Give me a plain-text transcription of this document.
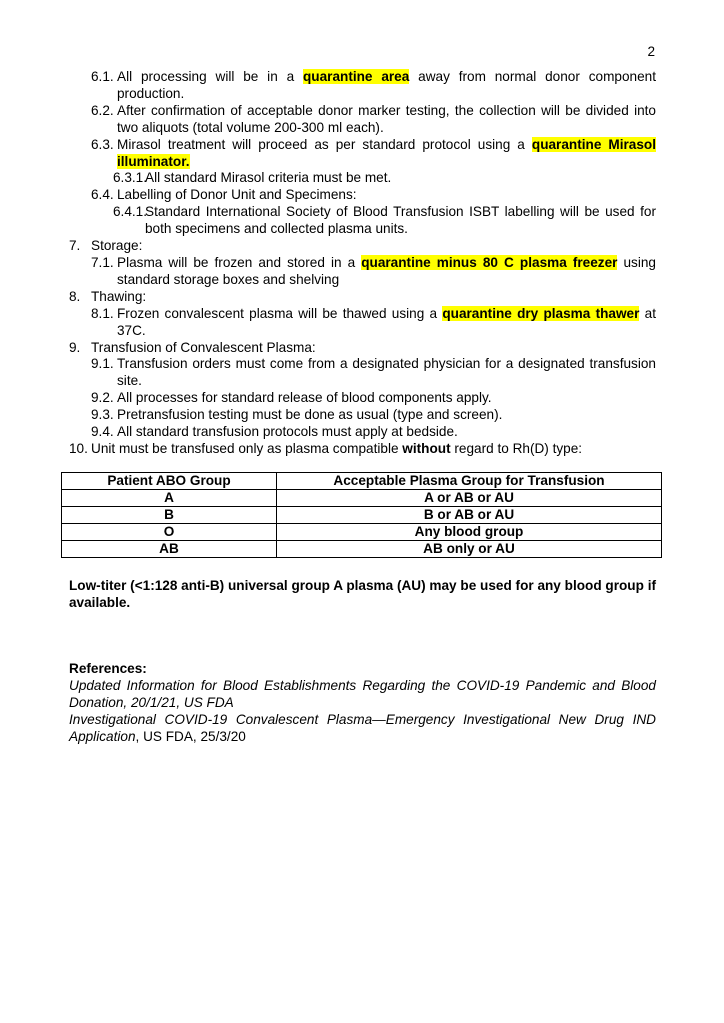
2
6.1. All processing will be in a quarantine area away from normal donor component production.
6.2. After confirmation of acceptable donor marker testing, the collection will be divided into two aliquots (total volume 200-300 ml each).
6.3. Mirasol treatment will proceed as per standard protocol using a quarantine Mirasol illuminator.
6.3.1.
All standard Mirasol criteria must be met.
6.4. Labelling of Donor Unit and Specimens:
6.4.1.
Standard International Society of Blood Transfusion ISBT labelling will be used for both specimens and collected plasma units.
7. Storage:
7.1. Plasma will be frozen and stored in a quarantine minus 80 C plasma freezer using standard storage boxes and shelving
8. Thawing:
8.1. Frozen convalescent plasma will be thawed using a quarantine dry plasma thawer at 37C.
9. Transfusion of Convalescent Plasma:
9.1. Transfusion orders must come from a designated physician for a designated transfusion site.
9.2. All processes for standard release of blood components apply.
9.3. Pretransfusion testing must be done as usual (type and screen).
9.4. All standard transfusion protocols must apply at bedside.
10. Unit must be transfused only as plasma compatible without regard to Rh(D) type:
Patient ABO Group	Acceptable Plasma Group for Transfusion
A	A or AB or AU
B	B or AB or AU
O	Any blood group
AB	AB only or AU
Low-titer (<1:128 anti-B) universal group A plasma (AU) may be used for any blood group if available.
References:
Updated Information for Blood Establishments Regarding the COVID-19 Pandemic and Blood Donation, 20/1/21, US FDA
Investigational COVID-19 Convalescent Plasma—Emergency Investigational New Drug IND Application, US FDA, 25/3/20
